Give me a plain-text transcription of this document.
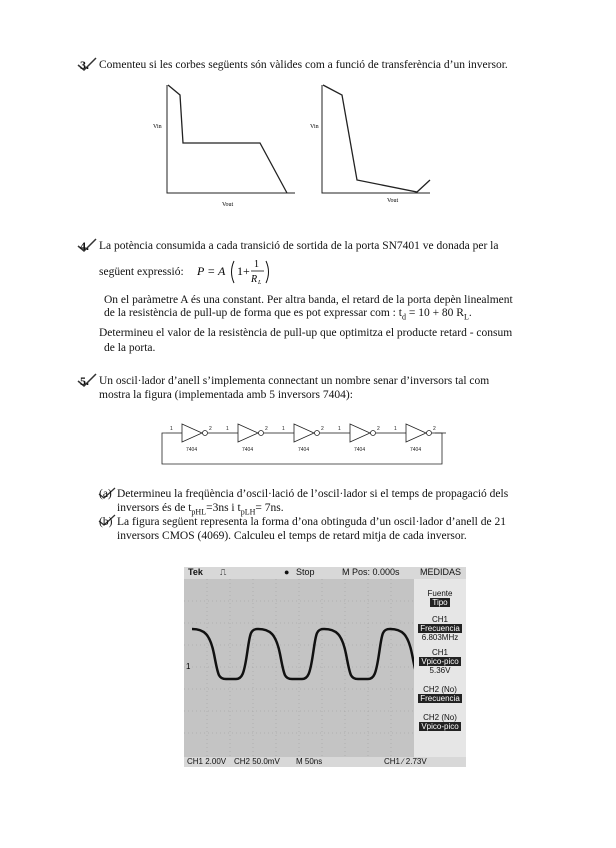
3. Comenteu si les corbes següents són vàlides com a funció de transferència d’un inversor.
Vin
Vout
Vin
Vout
4. La potència consumida a cada transició de sortida de la porta SN7401 ve donada per la
següent expressió: P = A 1+ 1
R L
On el paràmetre A és una constant. Per altra banda, el retard de la porta depèn linealment
de la resistència de pull-up de forma que es pot expressar com : $t_d = 10 + 80$ $R_L$.
Determineu el valor de la resistència de pull-up que optimitza el producte retard - consum
de la porta.
5. Un oscil·lador d’anell s’implementa connectant un nombre senar d’inversors tal com
mostra la figura (implementada amb 5 inversors 7404):
1	2
7404
1	2
7404
1	2
7404
1	2
7404
1	2
7404
(a) Determineu la freqüència d’oscil·lació de l’oscil·lador si el temps de propagació dels
inversors és de $t_{pHL}=3ns$ i $t_{pLH}= 7ns$.
(b) La figura següent representa la forma d’ona obtinguda d’un oscil·lador d’anell de 21
inversors CMOS (4069). Calculeu el temps de retard mitja de cada inversor.
Tek ⎍	● Stop	M Pos: 0.000s MEDIDAS
1
Fuente
Tipo
CH1
Frecuencia
6.803MHz
CH1
Vpico-pico
5.36V
CH2 (No)
Frecuencia
CH2 (No)
Vpico-pico
CH1 2.00V CH2 50.0mV M 50ns	CH1 ∕ 2.73V
